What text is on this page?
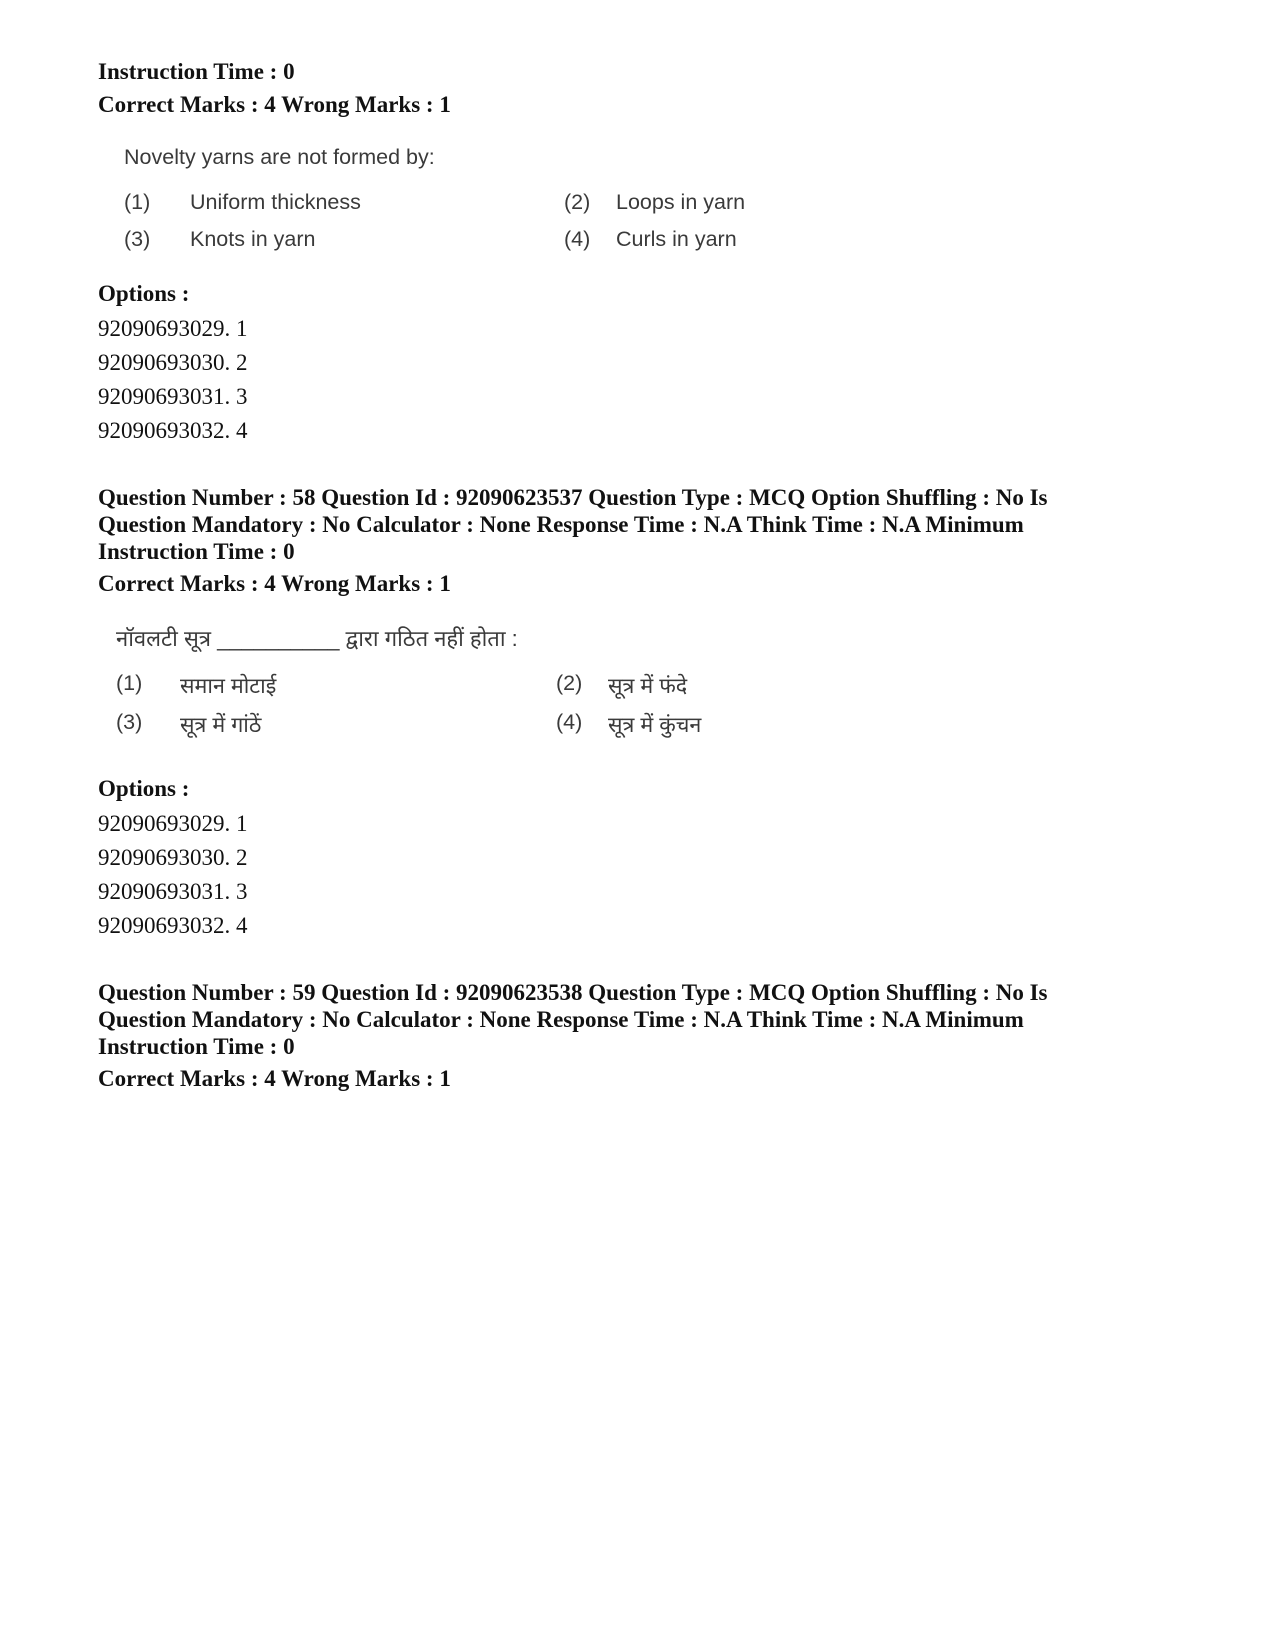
Instruction Time : 0

Correct Marks : 4 Wrong Marks : 1

Novelty yarns are not formed by:

(1)	Uniform thickness	(2)	Loops in yarn
(3)	Knots in yarn	(4)	Curls in yarn

Options :

92090693029. 1

92090693030. 2

92090693031. 3

92090693032. 4

Question Number : 58 Question Id : 92090623537 Question Type : MCQ Option Shuffling : No Is

Question Mandatory : No Calculator : None Response Time : N.A Think Time : N.A Minimum

Instruction Time : 0

Correct Marks : 4 Wrong Marks : 1

नॉवलटी सूत्र __________ द्वारा गठित नहीं होता :

(1)	समान मोटाई	(2)	सूत्र में फंदे
(3)	सूत्र में गांठें	(4)	सूत्र में कुंचन

Options :

92090693029. 1

92090693030. 2

92090693031. 3

92090693032. 4

Question Number : 59 Question Id : 92090623538 Question Type : MCQ Option Shuffling : No Is

Question Mandatory : No Calculator : None Response Time : N.A Think Time : N.A Minimum

Instruction Time : 0

Correct Marks : 4 Wrong Marks : 1
